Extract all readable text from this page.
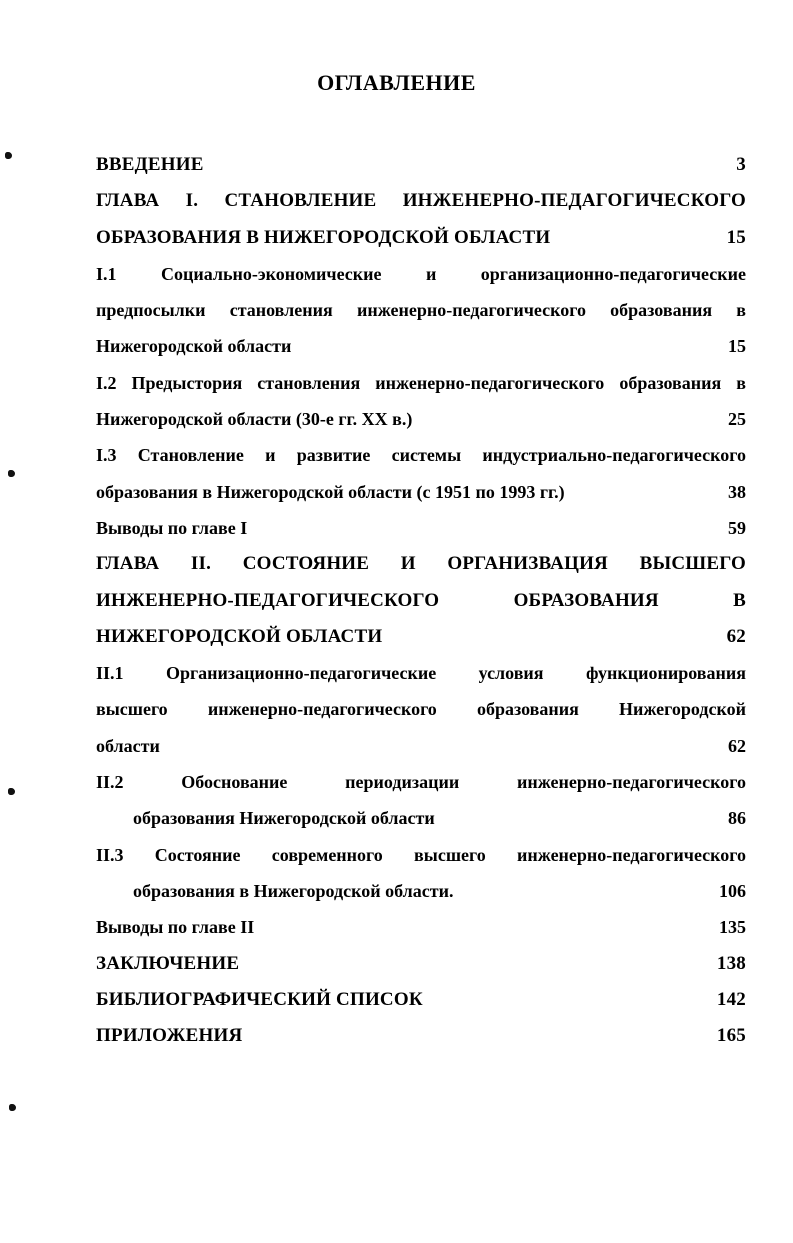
ОГЛАВЛЕНИЕ
ВВЕДЕНИЕ	3
ГЛАВА I. СТАНОВЛЕНИЕ ИНЖЕНЕРНО-ПЕДАГОГИЧЕСКОГО
ОБРАЗОВАНИЯ В НИЖЕГОРОДСКОЙ ОБЛАСТИ	15
I.1 Социально-экономические и организационно-педагогические
предпосылки становления инженерно-педагогического образования в
Нижегородской области	15
I.2 Предыстория становления инженерно-педагогического образования в
Нижегородской области (30-е гг. XX в.)	25
I.3 Становление и развитие системы индустриально-педагогического
образования в Нижегородской области (с 1951 по 1993 гг.)	38
Выводы по главе I	59
ГЛАВА II. СОСТОЯНИЕ И ОРГАНИЗВАЦИЯ ВЫСШЕГО
ИНЖЕНЕРНО-ПЕДАГОГИЧЕСКОГО ОБРАЗОВАНИЯ В
НИЖЕГОРОДСКОЙ ОБЛАСТИ	62
II.1 Организационно-педагогические условия функционирования
высшего инженерно-педагогического образования Нижегородской
области	62
II.2 Обоснование периодизации инженерно-педагогического
образования Нижегородской области	86
II.3 Состояние современного высшего инженерно-педагогического
образования в Нижегородской области.	106
Выводы по главе II	135
ЗАКЛЮЧЕНИЕ	138
БИБЛИОГРАФИЧЕСКИЙ СПИСОК	142
ПРИЛОЖЕНИЯ	165
